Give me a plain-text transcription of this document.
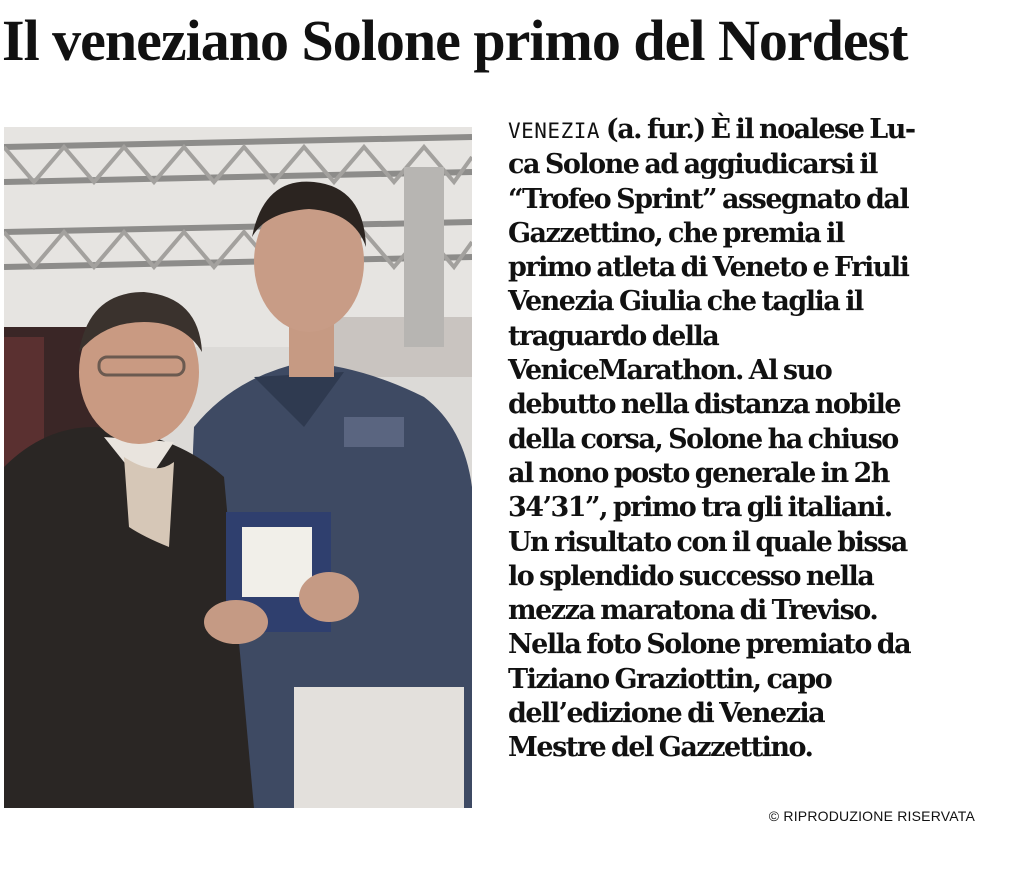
Il veneziano Solone primo del Nordest
VENEZIA (a. fur.) È il noalese Lu-
ca Solone ad aggiudicarsi il
“Trofeo Sprint” assegnato dal
Gazzettino, che premia il
primo atleta di Veneto e Friuli
Venezia Giulia che taglia il
traguardo della
VeniceMarathon. Al suo
debutto nella distanza nobile
della corsa, Solone ha chiuso
al nono posto generale in 2h
34’31”, primo tra gli italiani.
Un risultato con il quale bissa
lo splendido successo nella
mezza maratona di Treviso.
Nella foto Solone premiato da
Tiziano Graziottin, capo
dell’edizione di Venezia
Mestre del Gazzettino.

© RIPRODUZIONE RISERVATA
